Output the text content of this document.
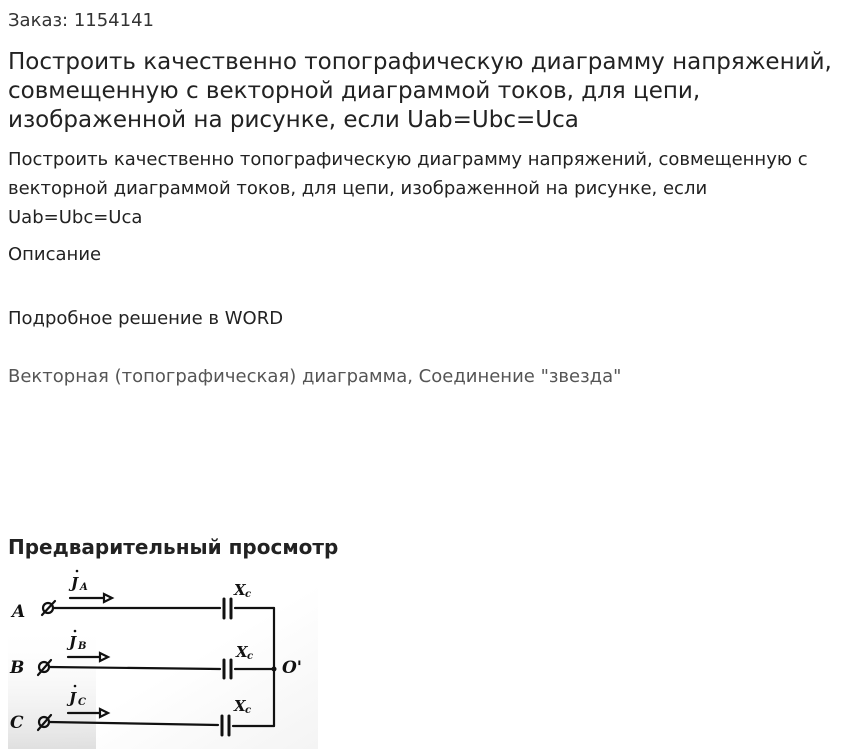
Заказ: 1154141
Построить качественно топографическую диаграмму напряжений, совмещенную с векторной диаграммой токов, для цепи, изображенной на рисунке, если Uab=Ubc=Uca
Построить качественно топографическую диаграмму напряжений, совмещенную с векторной диаграммой токов, для цепи, изображенной на рисунке, если Uab=Ubc=Uca
Описание
Подробное решение в WORD
Векторная (топографическая) диаграмма, Соединение "звезда"
Предварительный просмотр
A
B
C
J A
J B
J C
X c
X c
X c
O'
